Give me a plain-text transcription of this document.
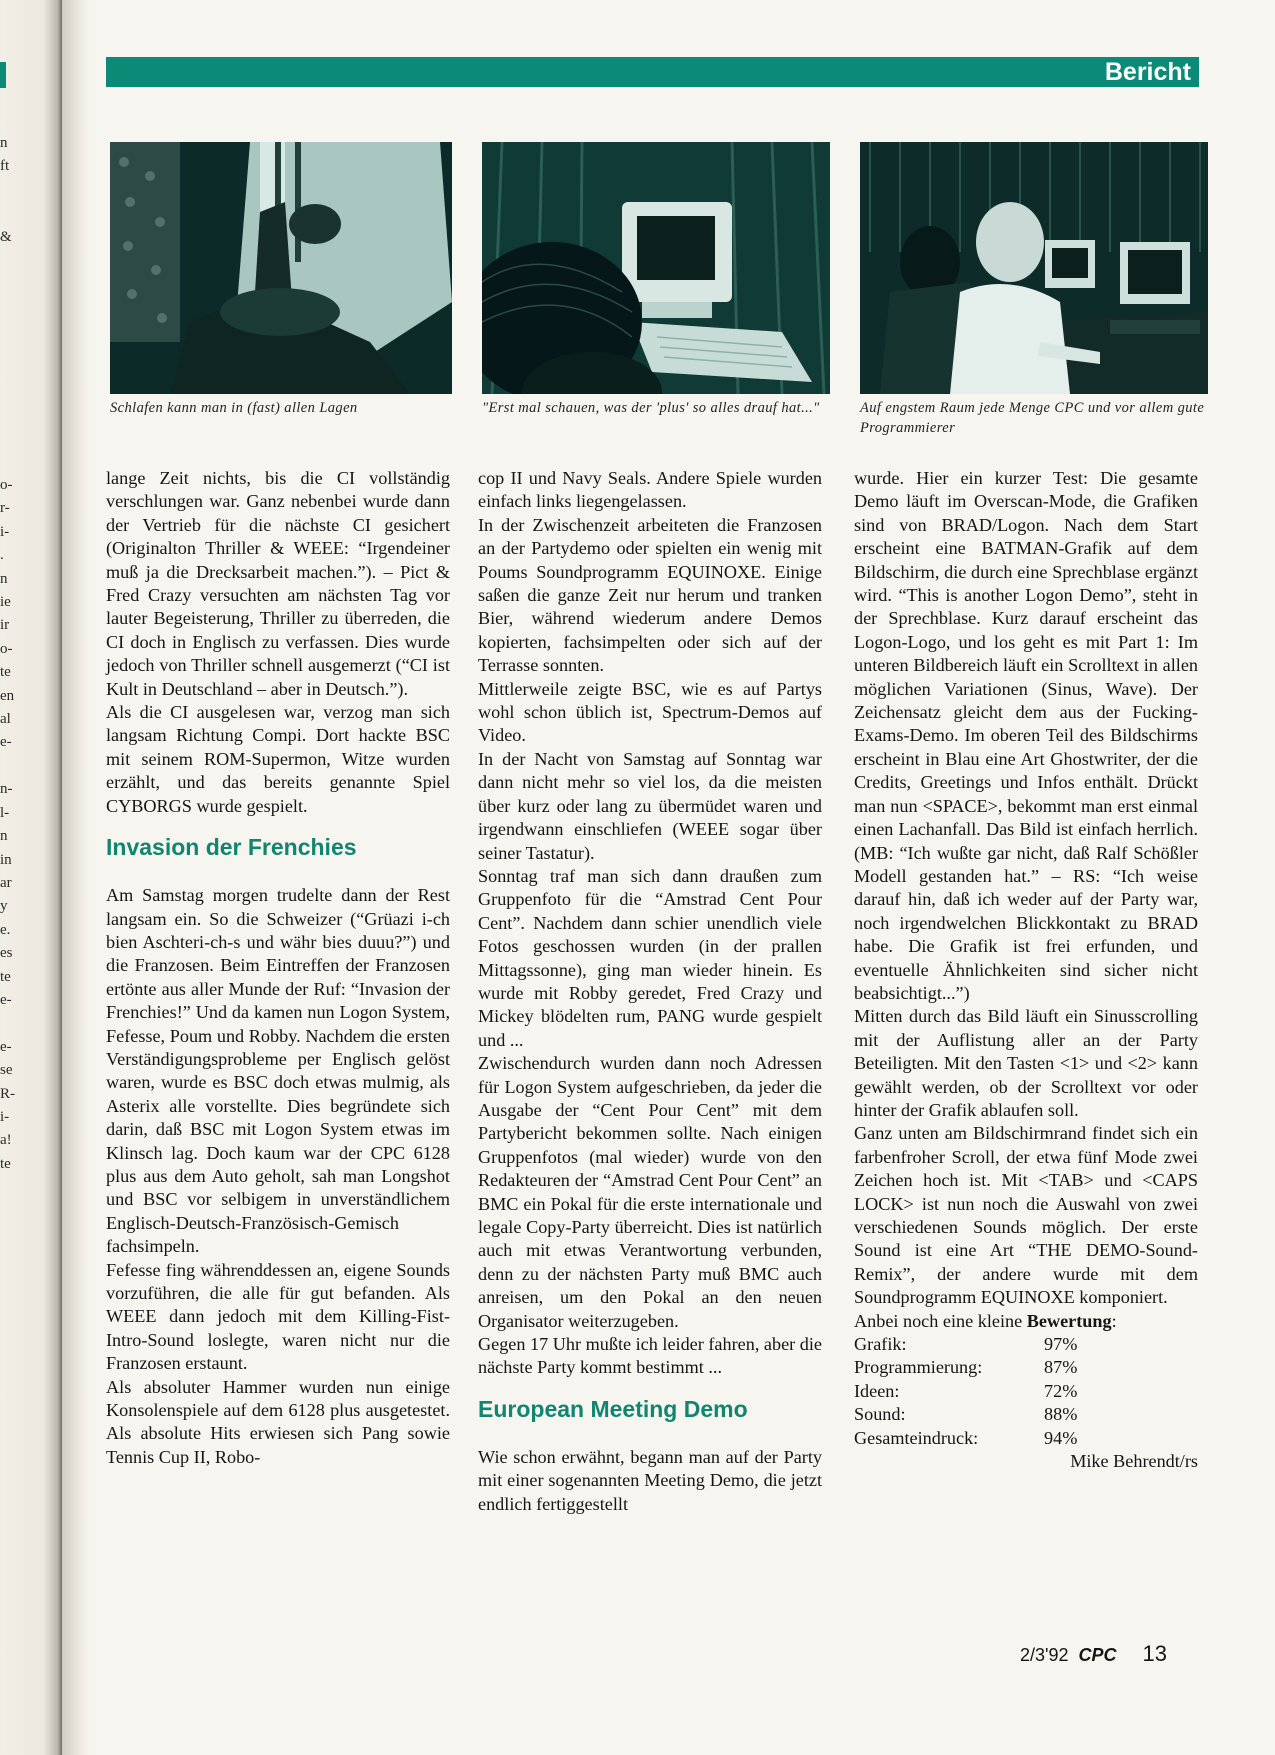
n
ft

&
o-
r-
i-
.
n
ie
ir
o-
te
en
al
e-

n-
l-
n
in
ar
y
e.
es
te
e-

e-
se
R-
i-
a!
te
Bericht
Schlafen kann man in (fast) allen Lagen	"Erst mal schauen, was der 'plus' so alles drauf hat..."	Auf engstem Raum jede Menge CPC und vor allem gute Programmierer

lange Zeit nichts, bis die CI vollständig verschlungen war. Ganz nebenbei wurde dann der Vertrieb für die nächste CI gesichert (Originalton Thriller & WEEE: “Irgendeiner muß ja die Drecksarbeit machen.”). – Pict & Fred Crazy versuchten am nächsten Tag vor lauter Begeisterung, Thriller zu überreden, die CI doch in Englisch zu verfassen. Dies wurde jedoch von Thriller schnell ausgemerzt (“CI ist Kult in Deutschland – aber in Deutsch.”).

Als die CI ausgelesen war, verzog man sich langsam Richtung Compi. Dort hackte BSC mit seinem ROM-Supermon, Witze wurden erzählt, und das bereits genannte Spiel CYBORGS wurde gespielt.

Invasion der Frenchies

Am Samstag morgen trudelte dann der Rest langsam ein. So die Schweizer (“Grüazi i-ch bien Aschteri-ch-s und währ bies duuu?”) und die Franzosen. Beim Eintreffen der Franzosen ertönte aus aller Munde der Ruf: “Invasion der Frenchies!” Und da kamen nun Logon System, Fefesse, Poum und Robby. Nachdem die ersten Verständigungsprobleme per Englisch gelöst waren, wurde es BSC doch etwas mulmig, als Asterix alle vorstellte. Dies begründete sich darin, daß BSC mit Logon System etwas im Klinsch lag. Doch kaum war der CPC 6128 plus aus dem Auto geholt, sah man Longshot und BSC vor selbigem in unverständlichem Englisch-Deutsch-Französisch-Gemisch fachsimpeln.

Fefesse fing währenddessen an, eigene Sounds vorzuführen, die alle für gut befanden. Als WEEE dann jedoch mit dem Killing-Fist-Intro-Sound loslegte, waren nicht nur die Franzosen erstaunt.

Als absoluter Hammer wurden nun einige Konsolenspiele auf dem 6128 plus ausgetestet. Als absolute Hits erwiesen sich Pang sowie Tennis Cup II, Robo-

cop II und Navy Seals. Andere Spiele wurden einfach links liegengelassen.

In der Zwischenzeit arbeiteten die Franzosen an der Partydemo oder spielten ein wenig mit Poums Soundprogramm EQUINOXE. Einige saßen die ganze Zeit nur herum und tranken Bier, während wiederum andere Demos kopierten, fachsimpelten oder sich auf der Terrasse sonnten.

Mittlerweile zeigte BSC, wie es auf Partys wohl schon üblich ist, Spectrum-Demos auf Video.

In der Nacht von Samstag auf Sonntag war dann nicht mehr so viel los, da die meisten über kurz oder lang zu übermüdet waren und irgendwann einschliefen (WEEE sogar über seiner Tastatur).

Sonntag traf man sich dann draußen zum Gruppenfoto für die “Amstrad Cent Pour Cent”. Nachdem dann schier unendlich viele Fotos geschossen wurden (in der prallen Mittagssonne), ging man wieder hinein. Es wurde mit Robby geredet, Fred Crazy und Mickey blödelten rum, PANG wurde gespielt und ...

Zwischendurch wurden dann noch Adressen für Logon System aufgeschrieben, da jeder die Ausgabe der “Cent Pour Cent” mit dem Partybericht bekommen sollte. Nach einigen Gruppenfotos (mal wieder) wurde von den Redakteuren der “Amstrad Cent Pour Cent” an BMC ein Pokal für die erste internationale und legale Copy-Party überreicht. Dies ist natürlich auch mit etwas Verantwortung verbunden, denn zu der nächsten Party muß BMC auch anreisen, um den Pokal an den neuen Organisator weiterzugeben.

Gegen 17 Uhr mußte ich leider fahren, aber die nächste Party kommt bestimmt ...

European Meeting Demo

Wie schon erwähnt, begann man auf der Party mit einer sogenannten Meeting Demo, die jetzt endlich fertiggestellt

wurde. Hier ein kurzer Test: Die gesamte Demo läuft im Overscan-Mode, die Grafiken sind von BRAD/Logon. Nach dem Start erscheint eine BATMAN-Grafik auf dem Bildschirm, die durch eine Sprechblase ergänzt wird. “This is another Logon Demo”, steht in der Sprechblase. Kurz darauf erscheint das Logon-Logo, und los geht es mit Part 1: Im unteren Bildbereich läuft ein Scrolltext in allen möglichen Variationen (Sinus, Wave). Der Zeichensatz gleicht dem aus der Fucking-Exams-Demo. Im oberen Teil des Bildschirms erscheint in Blau eine Art Ghostwriter, der die Credits, Greetings und Infos enthält. Drückt man nun <SPACE>, bekommt man erst einmal einen Lachanfall. Das Bild ist einfach herrlich. (MB: “Ich wußte gar nicht, daß Ralf Schößler Modell gestanden hat.” – RS: “Ich weise darauf hin, daß ich weder auf der Party war, noch irgendwelchen Blickkontakt zu BRAD habe. Die Grafik ist frei erfunden, und eventuelle Ähnlichkeiten sind sicher nicht beabsichtigt...”)

Mitten durch das Bild läuft ein Sinusscrolling mit der Auflistung aller an der Party Beteiligten. Mit den Tasten <1> und <2> kann gewählt werden, ob der Scrolltext vor oder hinter der Grafik ablaufen soll.

Ganz unten am Bildschirmrand findet sich ein farbenfroher Scroll, der etwa fünf Mode zwei Zeichen hoch ist. Mit <TAB> und <CAPS LOCK> ist nun noch die Auswahl von zwei verschiedenen Sounds möglich. Der erste Sound ist eine Art “THE DEMO-Sound-Remix”, der andere wurde mit dem Soundprogramm EQUINOXE komponiert.

Anbei noch eine kleine Bewertung:

Grafik:	97%
Programmierung:	87%
Ideen:	72%
Sound:	88%
Gesamteindruck:	94%

Mike Behrendt/rs

2/3'92 CPC 13
